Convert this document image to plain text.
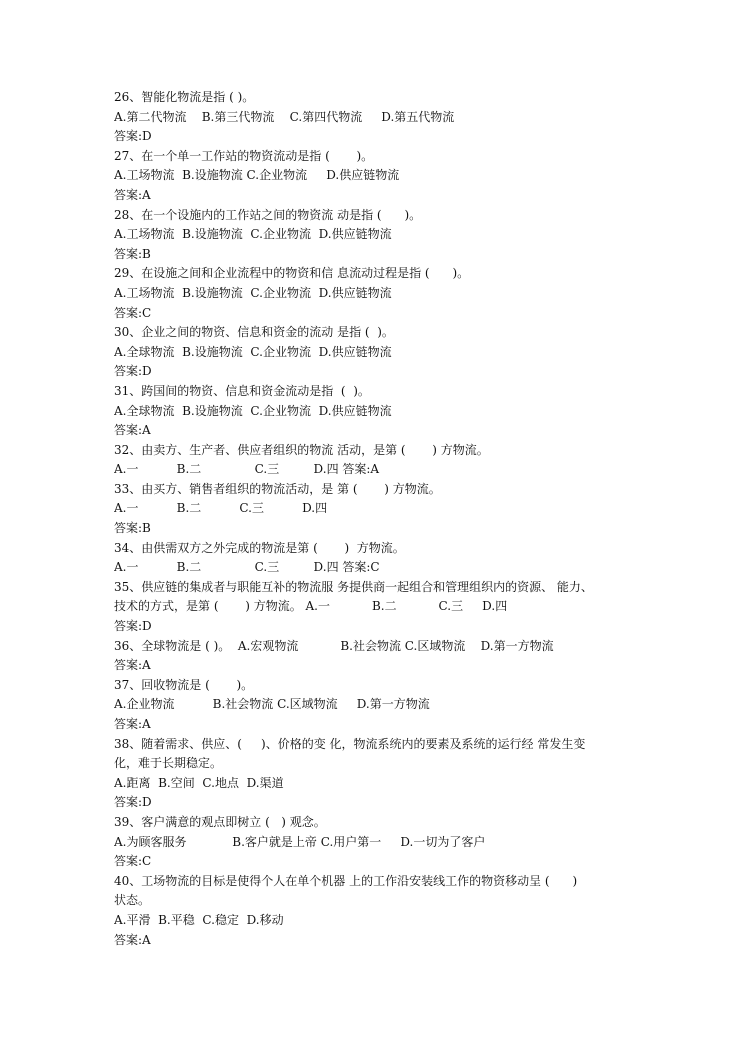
26、智能化物流是指 ( )。
A.第二代物流    B.第三代物流    C.第四代物流     D.第五代物流
答案:D
27、在一个单一工作站的物资流动是指 (       )。
A.工场物流  B.设施物流 C.企业物流     D.供应链物流
答案:A
28、在一个设施内的工作站之间的物资流 动是指 (      )。
A.工场物流  B.设施物流  C.企业物流  D.供应链物流
答案:B
29、在设施之间和企业流程中的物资和信 息流动过程是指 (      )。
A.工场物流  B.设施物流  C.企业物流  D.供应链物流
答案:C
30、企业之间的物资、信息和资金的流动 是指 (  )。
A.全球物流  B.设施物流  C.企业物流  D.供应链物流
答案:D
31、跨国间的物资、信息和资金流动是指  (  )。
A.全球物流  B.设施物流  C.企业物流  D.供应链物流
答案:A
32、由卖方、生产者、供应者组织的物流 活动，是第 (       ) 方物流。
A.一          B.二              C.三         D.四 答案:A
33、由买方、销售者组织的物流活动，是 第 (       ) 方物流。
A.一          B.二          C.三          D.四
答案:B
34、由供需双方之外完成的物流是第 (       )  方物流。
A.一          B.二              C.三         D.四 答案:C
35、供应链的集成者与职能互补的物流服 务提供商一起组合和管理组织内的资源、 能力、
技术的方式，是第 (       ) 方物流。 A.一           B.二           C.三     D.四
答案:D
36、全球物流是 ( )。  A.宏观物流           B.社会物流 C.区域物流    D.第一方物流
答案:A
37、回收物流是 (       )。
A.企业物流          B.社会物流 C.区域物流     D.第一方物流
答案:A
38、随着需求、供应、(     )、价格的变 化，物流系统内的要素及系统的运行经 常发生变
化，难于长期稳定。
A.距离  B.空间  C.地点  D.渠道
答案:D
39、客户满意的观点即树立 (   ) 观念。
A.为顾客服务            B.客户就是上帝 C.用户第一     D.一切为了客户
答案:C
40、工场物流的目标是使得个人在单个机器 上的工作沿安装线工作的物资移动呈 (      )
状态。
A.平滑  B.平稳  C.稳定  D.移动
答案:A
